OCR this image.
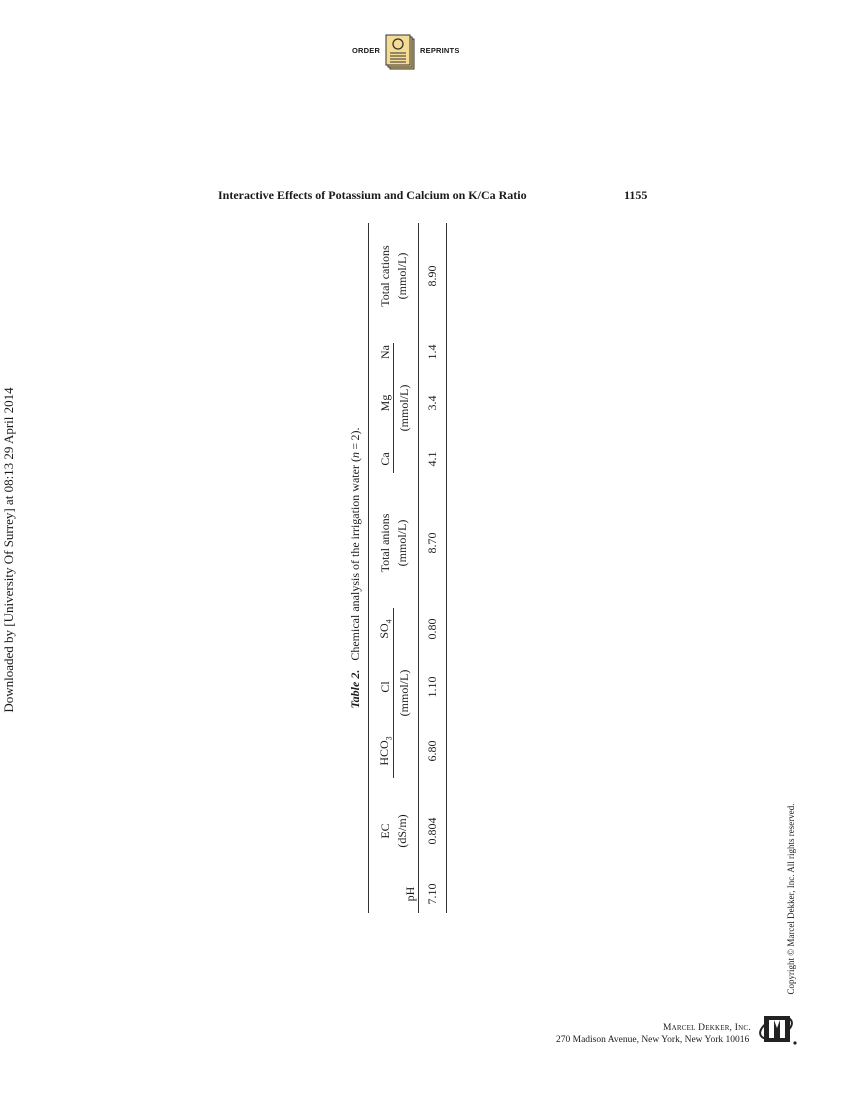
ORDER	REPRINTS
Interactive Effects of Potassium and Calcium on K/Ca Ratio	1155
Downloaded by [University Of Surrey] at 08:13 29 April 2014	Table 2.   Chemical analysis of the irrigation water (n = 2).
pH	EC	$HCO_3$	Cl	$SO_4$	Total anions	Ca	Mg	Na	Total cations
	(dS/m)	(mmol/L)			(mmol/L)	(mmol/L)			(mmol/L)
7.10	0.804	6.80	1.10	0.80	8.70	4.1	3.4	1.4	8.90
Copyright © Marcel Dekker, Inc. All rights reserved.
Marcel Dekker, Inc.
270 Madison Avenue, New York, New York 10016
